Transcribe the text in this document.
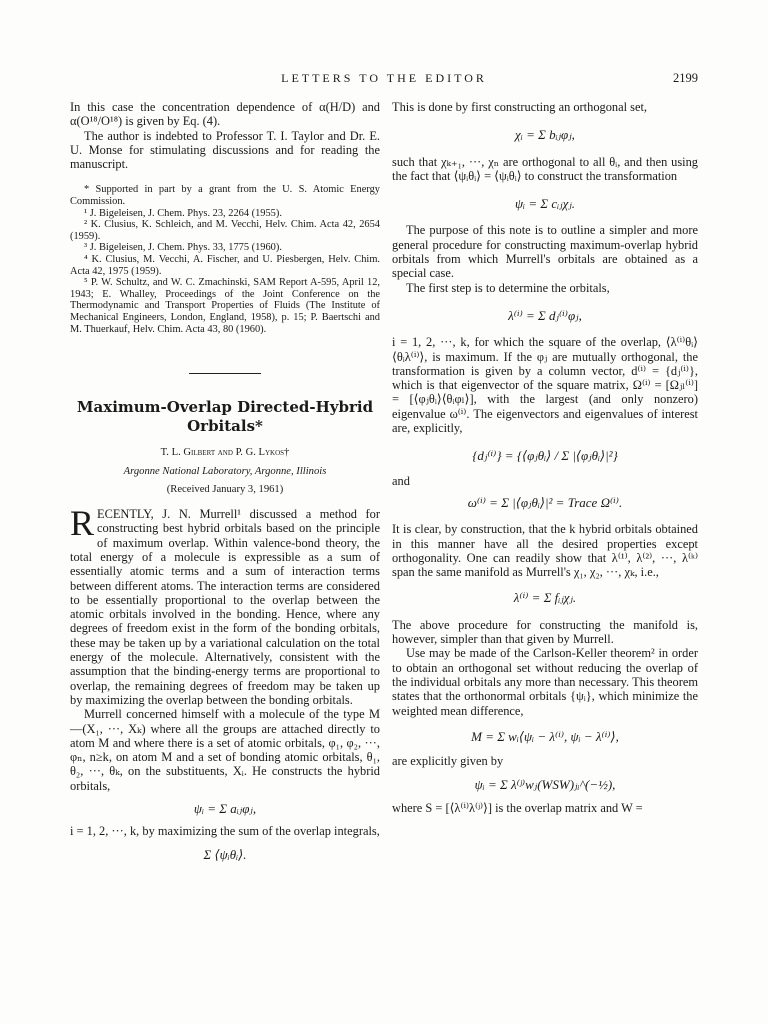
LETTERS TO THE EDITOR	2199

In this case the concentration dependence of α(H/D) and α(O¹⁸/O¹⁸) is given by Eq. (4).

The author is indebted to Professor T. I. Taylor and Dr. E. U. Monse for stimulating discussions and for reading the manuscript.

* Supported in part by a grant from the U. S. Atomic Energy Commission.

¹ J. Bigeleisen, J. Chem. Phys. 23, 2264 (1955).

² K. Clusius, K. Schleich, and M. Vecchi, Helv. Chim. Acta 42, 2654 (1959).

³ J. Bigeleisen, J. Chem. Phys. 33, 1775 (1960).

⁴ K. Clusius, M. Vecchi, A. Fischer, and U. Piesbergen, Helv. Chim. Acta 42, 1975 (1959).

⁵ P. W. Schultz, and W. C. Zmachinski, SAM Report A-595, April 12, 1943; E. Whalley, Proceedings of the Joint Conference on the Thermodynamic and Transport Properties of Fluids (The Institute of Mechanical Engineers, London, England, 1958), p. 15; P. Baertschi and M. Thuerkauf, Helv. Chim. Acta 43, 80 (1960).

Maximum-Overlap Directed-Hybrid Orbitals*
T. L. Gilbert and P. G. Lykos†
Argonne National Laboratory, Argonne, Illinois
(Received January 3, 1961)

RECENTLY, J. N. Murrell¹ discussed a method for constructing best hybrid orbitals based on the principle of maximum overlap. Within valence-bond theory, the total energy of a molecule is expressible as a sum of essentially atomic terms and a sum of interaction terms between different atoms. The interaction terms are considered to be essentially proportional to the overlap between the atomic orbitals involved in the bonding. Hence, where any degrees of freedom exist in the form of the bonding orbitals, these may be taken up by a variational calculation on the total energy of the molecule. Alternatively, consistent with the assumption that the binding-energy terms are proportional to overlap, the remaining degrees of freedom may be taken up by maximizing the overlap between the bonding orbitals.

Murrell concerned himself with a molecule of the type M—(X₁, ···, Xₖ) where all the groups are attached directly to atom M and where there is a set of atomic orbitals, φ₁, φ₂, ···, φₙ, n≥k, on atom M and a set of bonding atomic orbitals, θ₁, θ₂, ···, θₖ, on the substituents, Xᵢ. He constructs the hybrid orbitals,

ψᵢ = Σ aᵢⱼφⱼ,

i = 1, 2, ···, k, by maximizing the sum of the overlap integrals,

Σ ⟨ψᵢθᵢ⟩.

This is done by first constructing an orthogonal set,

χᵢ = Σ bᵢⱼφⱼ,

such that χₖ₊₁, ···, χₙ are orthogonal to all θᵢ, and then using the fact that ⟨ψᵢθᵢ⟩ = ⟨ψᵢθᵢ⟩ to construct the transformation

ψᵢ = Σ cᵢⱼχⱼ.

The purpose of this note is to outline a simpler and more general procedure for constructing maximum-overlap hybrid orbitals from which Murrell's orbitals are obtained as a special case.

The first step is to determine the orbitals,

λ⁽ⁱ⁾ = Σ dⱼ⁽ⁱ⁾φⱼ,

i = 1, 2, ···, k, for which the square of the overlap, ⟨λ⁽ⁱ⁾θᵢ⟩⟨θᵢλ⁽ⁱ⁾⟩, is maximum. If the φⱼ are mutually orthogonal, the transformation is given by a column vector, d⁽ⁱ⁾ = {dⱼ⁽ⁱ⁾}, which is that eigenvector of the square matrix, Ω⁽ⁱ⁾ = [Ωⱼₗ⁽ⁱ⁾] = [⟨φⱼθᵢ⟩⟨θᵢφₗ⟩], with the largest (and only nonzero) eigenvalue ω⁽ⁱ⁾. The eigenvectors and eigenvalues of interest are, explicitly,

{dⱼ⁽ⁱ⁾} = {⟨φⱼθᵢ⟩ / Σ |⟨φⱼθᵢ⟩|²}

and

ω⁽ⁱ⁾ = Σ |⟨φⱼθᵢ⟩|² = Trace Ω⁽ⁱ⁾.

It is clear, by construction, that the k hybrid orbitals obtained in this manner have all the desired properties except orthogonality. One can readily show that λ⁽¹⁾, λ⁽²⁾, ···, λ⁽ᵏ⁾ span the same manifold as Murrell's χ₁, χ₂, ···, χₖ, i.e.,

λ⁽ⁱ⁾ = Σ fᵢⱼχⱼ.

The above procedure for constructing the manifold is, however, simpler than that given by Murrell.

Use may be made of the Carlson-Keller theorem² in order to obtain an orthogonal set without reducing the overlap of the individual orbitals any more than necessary. This theorem states that the orthonormal orbitals {ψᵢ}, which minimize the weighted mean difference,

M = Σ wᵢ⟨ψᵢ − λ⁽ⁱ⁾, ψᵢ − λ⁽ⁱ⁾⟩,

are explicitly given by

ψᵢ = Σ λ⁽ʲ⁾wⱼ(WSW)ⱼᵢ^(−½),

where S = [⟨λ⁽ⁱ⁾λ⁽ʲ⁾⟩] is the overlap matrix and W =
